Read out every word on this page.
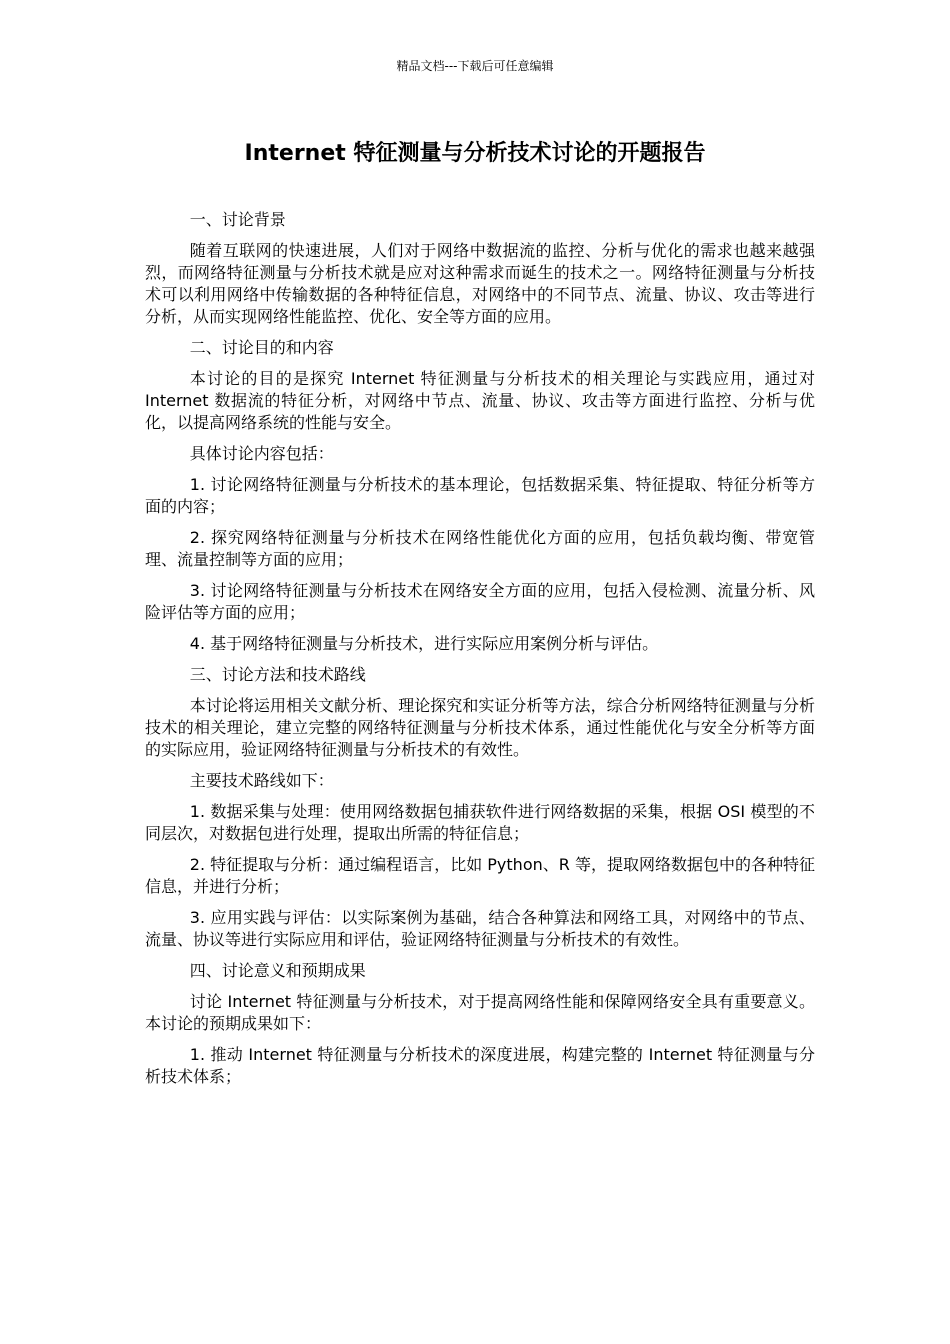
精品文档---下载后可任意编辑
Internet 特征测量与分析技术讨论的开题报告

一、讨论背景

随着互联网的快速进展，人们对于网络中数据流的监控、分析与优化的需求也越来越强烈，而网络特征测量与分析技术就是应对这种需求而诞生的技术之一。网络特征测量与分析技术可以利用网络中传输数据的各种特征信息，对网络中的不同节点、流量、协议、攻击等进行分析，从而实现网络性能监控、优化、安全等方面的应用。

二、讨论目的和内容

本讨论的目的是探究 Internet 特征测量与分析技术的相关理论与实践应用，通过对 Internet 数据流的特征分析，对网络中节点、流量、协议、攻击等方面进行监控、分析与优化，以提高网络系统的性能与安全。

具体讨论内容包括：

1. 讨论网络特征测量与分析技术的基本理论，包括数据采集、特征提取、特征分析等方面的内容；

2. 探究网络特征测量与分析技术在网络性能优化方面的应用，包括负载均衡、带宽管理、流量控制等方面的应用；

3. 讨论网络特征测量与分析技术在网络安全方面的应用，包括入侵检测、流量分析、风险评估等方面的应用；

4. 基于网络特征测量与分析技术，进行实际应用案例分析与评估。

三、讨论方法和技术路线

本讨论将运用相关文献分析、理论探究和实证分析等方法，综合分析网络特征测量与分析技术的相关理论，建立完整的网络特征测量与分析技术体系，通过性能优化与安全分析等方面的实际应用，验证网络特征测量与分析技术的有效性。

主要技术路线如下：

1. 数据采集与处理：使用网络数据包捕获软件进行网络数据的采集，根据 OSI 模型的不同层次，对数据包进行处理，提取出所需的特征信息；

2. 特征提取与分析：通过编程语言，比如 Python、R 等，提取网络数据包中的各种特征信息，并进行分析；

3. 应用实践与评估：以实际案例为基础，结合各种算法和网络工具，对网络中的节点、流量、协议等进行实际应用和评估，验证网络特征测量与分析技术的有效性。

四、讨论意义和预期成果

讨论 Internet 特征测量与分析技术，对于提高网络性能和保障网络安全具有重要意义。本讨论的预期成果如下：

1. 推动 Internet 特征测量与分析技术的深度进展，构建完整的 Internet 特征测量与分析技术体系；
